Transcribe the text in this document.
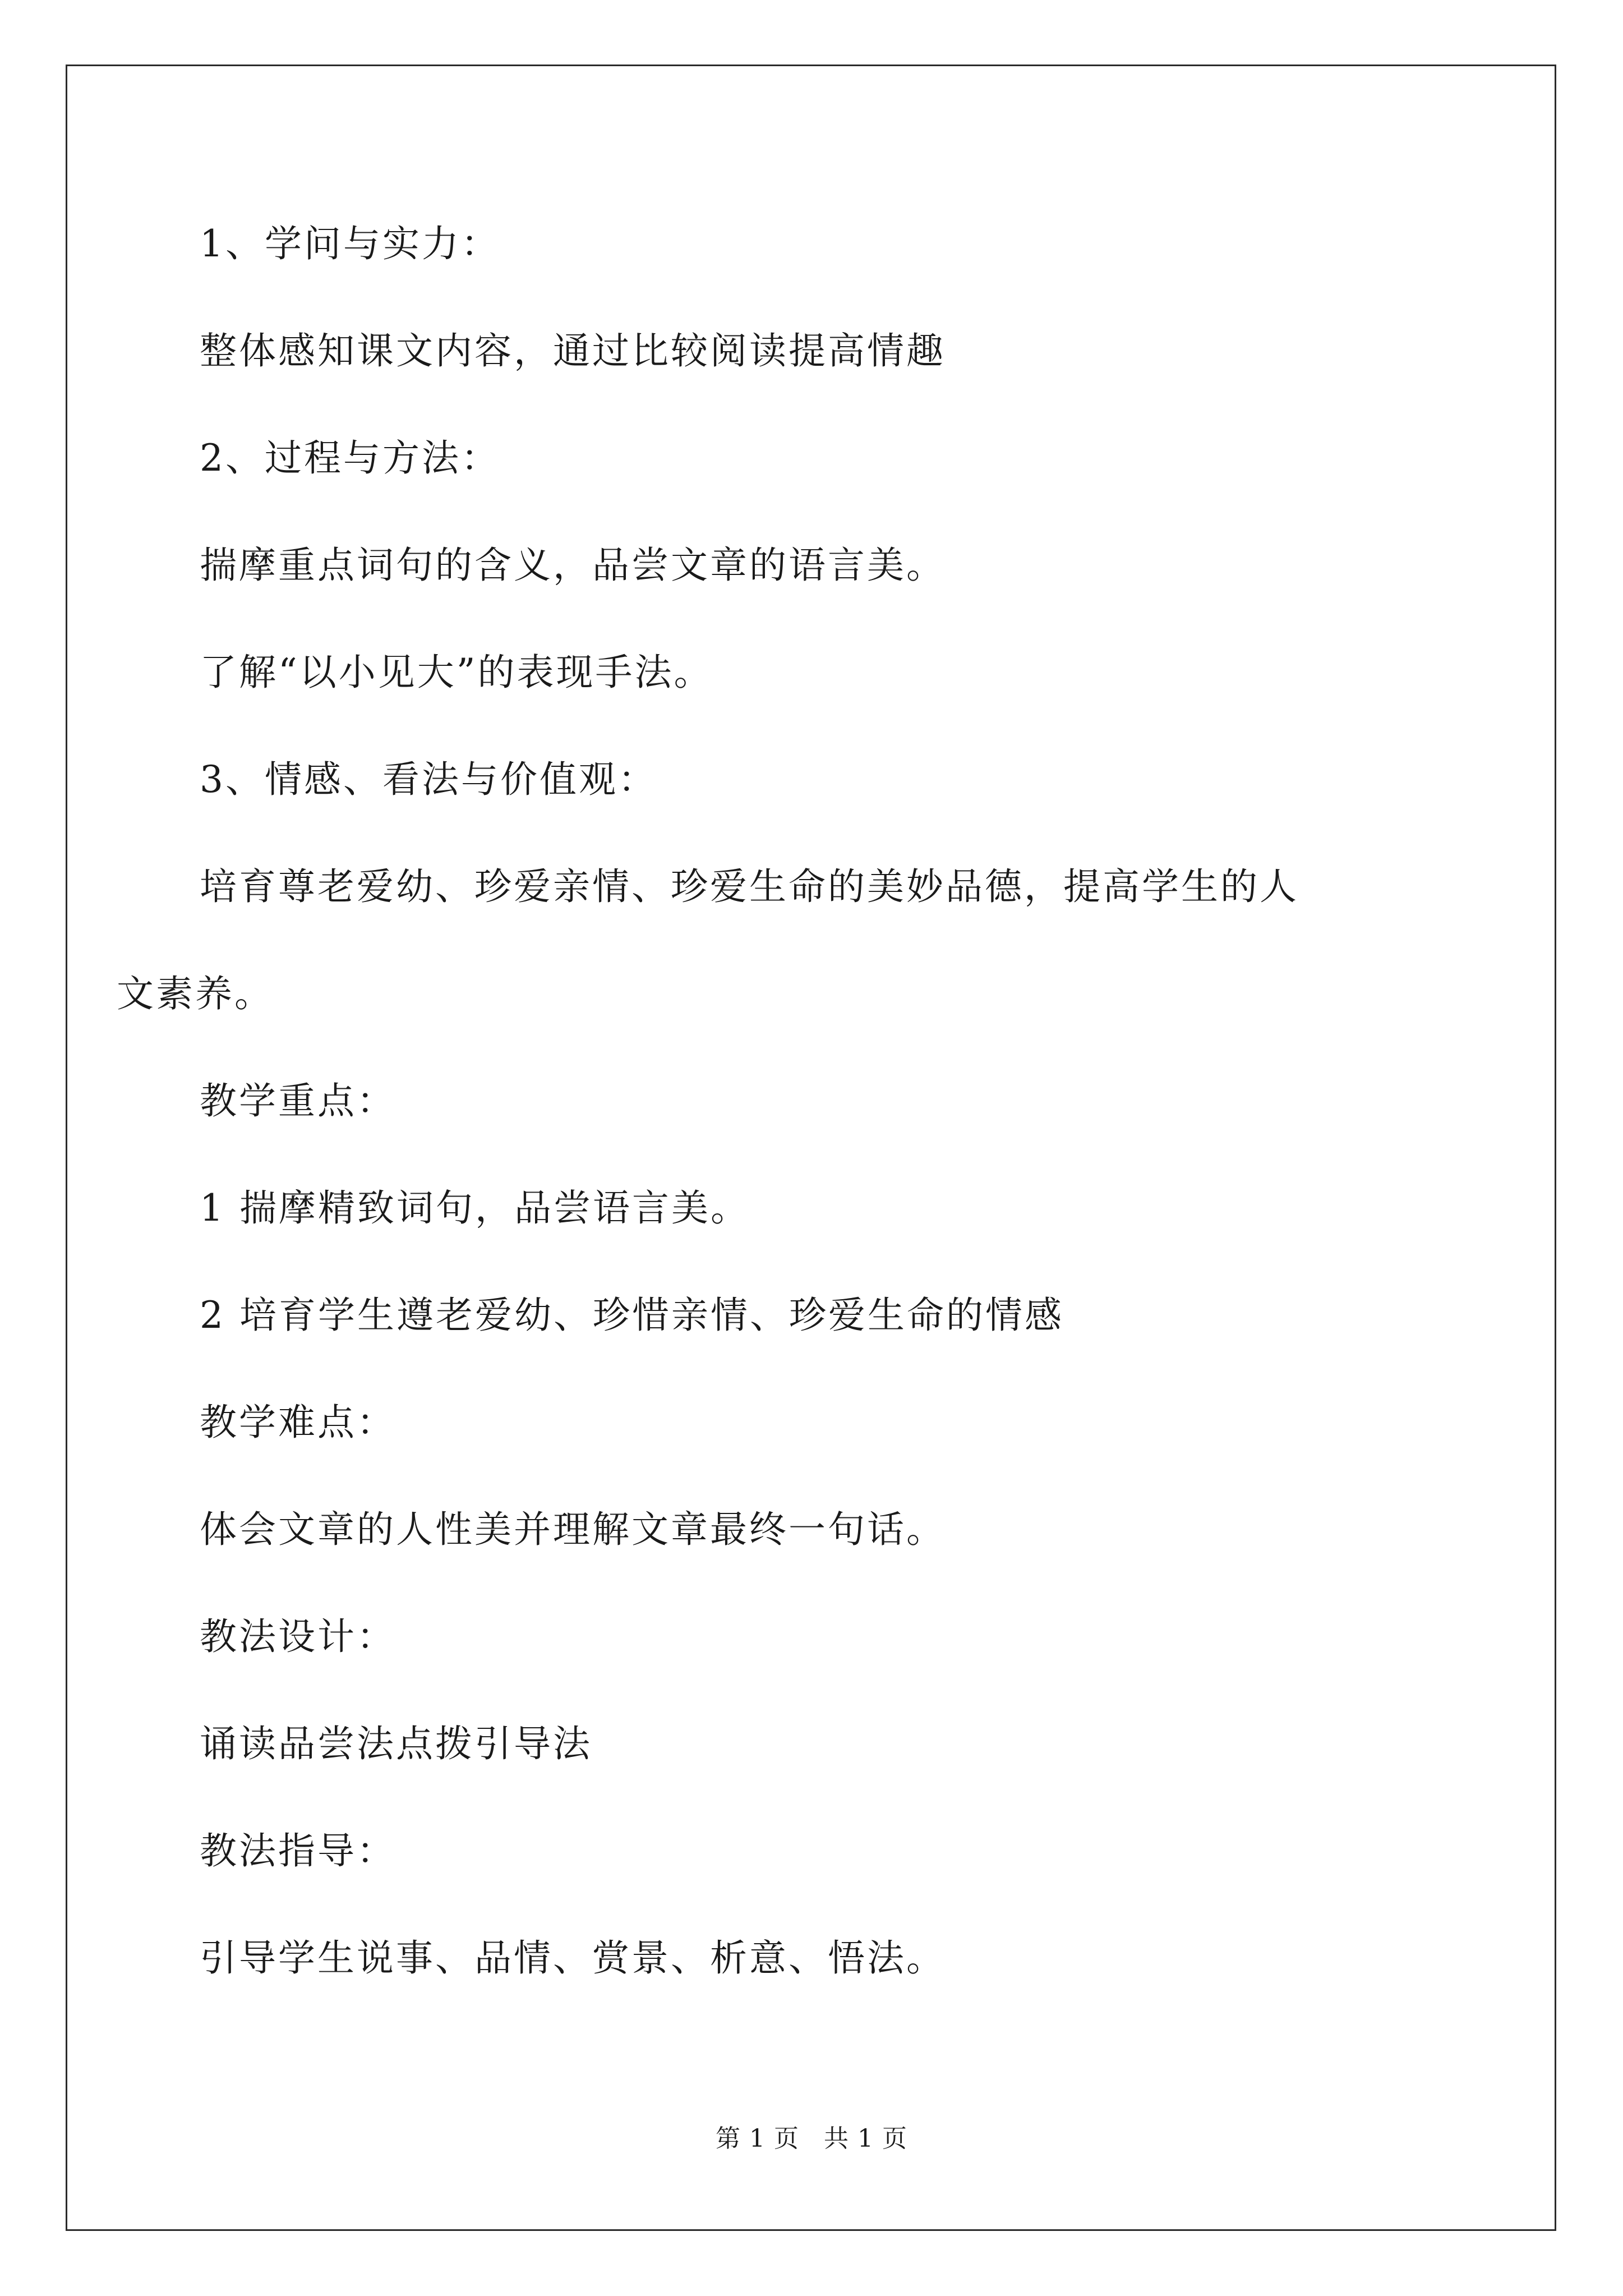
1、学问与实力：
整体感知课文内容，通过比较阅读提高情趣
2、过程与方法：
揣摩重点词句的含义，品尝文章的语言美。
了解“以小见大”的表现手法。
3、情感、看法与价值观：
培育尊老爱幼、珍爱亲情、珍爱生命的美妙品德，提高学生的人
文素养。
教学重点：
1 揣摩精致词句，品尝语言美。
2 培育学生遵老爱幼、珍惜亲情、珍爱生命的情感
教学难点：
体会文章的人性美并理解文章最终一句话。
教法设计：
诵读品尝法点拨引导法
教法指导：
引导学生说事、品情、赏景、析意、悟法。
第 1 页 共 1 页
